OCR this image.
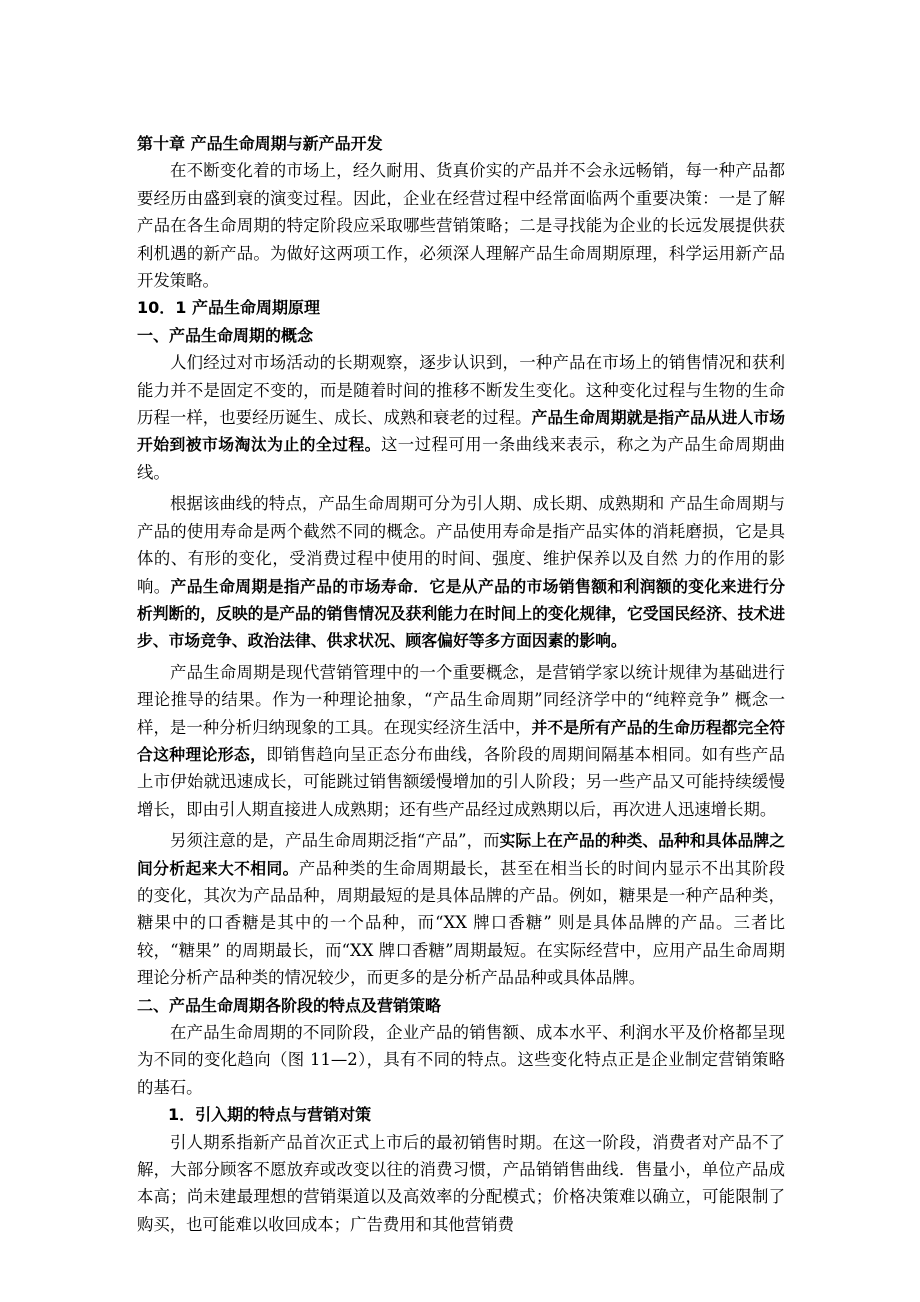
第十章 产品生命周期与新产品开发

在不断变化着的市场上，经久耐用、货真价实的产品并不会永远畅销，每一种产品都要经历由盛到衰的演变过程。因此，企业在经营过程中经常面临两个重要决策：一是了解产品在各生命周期的特定阶段应采取哪些营销策略；二是寻找能为企业的长远发展提供获利机遇的新产品。为做好这两项工作，必须深人理解产品生命周期原理，科学运用新产品开发策略。

10．1 产品生命周期原理
一、产品生命周期的概念

人们经过对市场活动的长期观察，逐步认识到，一种产品在市场上的销售情况和获利能力并不是固定不变的，而是随着时间的推移不断发生变化。这种变化过程与生物的生命历程一样，也要经历诞生、成长、成熟和衰老的过程。产品生命周期就是指产品从进人市场开始到被市场淘汰为止的全过程。这一过程可用一条曲线来表示，称之为产品生命周期曲线。

根据该曲线的特点，产品生命周期可分为引人期、成长期、成熟期和 产品生命周期与产品的使用寿命是两个截然不同的概念。产品使用寿命是指产品实体的消耗磨损，它是具 体的、有形的变化，受消费过程中使用的时间、强度、维护保养以及自然 力的作用的影响。产品生命周期是指产品的市场寿命．它是从产品的市场销售额和利润额的变化来进行分析判断的，反映的是产品的销售情况及获利能力在时间上的变化规律，它受国民经济、技术进步、市场竞争、政治法律、供求状况、顾客偏好等多方面因素的影响。

产品生命周期是现代营销管理中的一个重要概念，是营销学家以统计规律为基础进行理论推导的结果。作为一种理论抽象，“产品生命周期”同经济学中的“纯粹竞争” 概念一样，是一种分析归纳现象的工具。在现实经济生活中，并不是所有产品的生命历程都完全符合这种理论形态，即销售趋向呈正态分布曲线，各阶段的周期间隔基本相同。如有些产品上市伊始就迅速成长，可能跳过销售额缓慢增加的引人阶段；另一些产品又可能持续缓慢增长，即由引人期直接进人成熟期；还有些产品经过成熟期以后，再次进人迅速增长期。

另须注意的是，产品生命周期泛指“产品”，而实际上在产品的种类、品种和具体品牌之间分析起来大不相同。产品种类的生命周期最长，甚至在相当长的时间内显示不出其阶段的变化，其次为产品品种，周期最短的是具体品牌的产品。例如，糖果是一种产品种类，糖果中的口香糖是其中的一个品种，而“XX 牌口香糖” 则是具体品牌的产品。三者比较，“糖果” 的周期最长，而“XX 牌口香糖”周期最短。在实际经营中，应用产品生命周期理论分析产品种类的情况较少，而更多的是分析产品品种或具体品牌。

二、产品生命周期各阶段的特点及营销策略

在产品生命周期的不同阶段，企业产品的销售额、成本水平、利润水平及价格都呈现为不同的变化趋向（图 11—2），具有不同的特点。这些变化特点正是企业制定营销策略的基石。

1．引入期的特点与营销对策

引人期系指新产品首次正式上市后的最初销售时期。在这一阶段，消费者对产品不了解，大部分顾客不愿放弃或改变以往的消费习惯，产品销销售曲线．售量小，单位产品成本高；尚未建最理想的营销渠道以及高效率的分配模式；价格决策难以确立，可能限制了购买，也可能难以收回成本；广告费用和其他营销费
